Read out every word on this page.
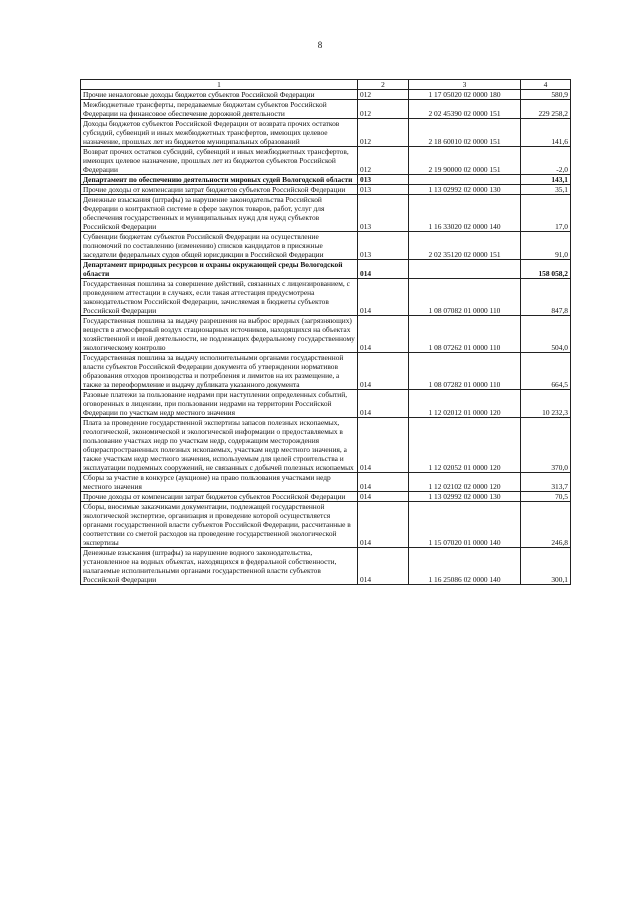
8
1	2	3	4
Прочие неналоговые доходы бюджетов субъектов Российской Федерации	012	1 17 05020 02 0000 180	580,9
Межбюджетные трансферты, передаваемые бюджетам субъектов Российской Федерации на финансовое обеспечение дорожной деятельности	012	2 02 45390 02 0000 151	229 258,2
Доходы бюджетов субъектов Российской Федерации от возврата прочих остатков субсидий, субвенций и иных межбюджетных трансфертов, имеющих целевое назначение, прошлых лет из бюджетов муниципальных образований	012	2 18 60010 02 0000 151	141,6
Возврат прочих остатков субсидий, субвенций и иных межбюджетных трансфертов, имеющих целевое назначение, прошлых лет из бюджетов субъектов Российской Федерации	012	2 19 90000 02 0000 151	-2,0
Департамент по обеспечению деятельности мировых судей Вологодской области	013		143,1
Прочие доходы от компенсации затрат бюджетов субъектов Российской Федерации	013	1 13 02992 02 0000 130	35,1
Денежные взыскания (штрафы) за нарушение законодательства Российской Федерации о контрактной системе в сфере закупок товаров, работ, услуг для обеспечения государственных и муниципальных нужд для нужд субъектов Российской Федерации	013	1 16 33020 02 0000 140	17,0
Субвенции бюджетам субъектов Российской Федерации на осуществление полномочий по составлению (изменению) списков кандидатов в присяжные заседатели федеральных судов общей юрисдикции в Российской Федерации	013	2 02 35120 02 0000 151	91,0
Департамент природных ресурсов и охраны окружающей среды Вологодской области	014		158 058,2
Государственная пошлина за совершение действий, связанных с лицензированием, с проведением аттестации в случаях, если такая аттестация предусмотрена законодательством Российской Федерации, зачисляемая в бюджеты субъектов Российской Федерации	014	1 08 07082 01 0000 110	847,8
Государственная пошлина за выдачу разрешения на выброс вредных (загрязняющих) веществ в атмосферный воздух стационарных источников, находящихся на объектах хозяйственной и иной деятельности, не подлежащих федеральному государственному экологическому контролю	014	1 08 07262 01 0000 110	504,0
Государственная пошлина за выдачу исполнительными органами государственной власти субъектов Российской Федерации документа об утверждении нормативов образования отходов производства и потребления и лимитов на их размещение, а также за переоформление и выдачу дубликата указанного документа	014	1 08 07282 01 0000 110	664,5
Разовые платежи за пользование недрами при наступлении определенных событий, оговоренных в лицензии, при пользовании недрами на территории Российской Федерации по участкам недр местного значения	014	1 12 02012 01 0000 120	10 232,3
Плата за проведение государственной экспертизы запасов полезных ископаемых, геологической, экономической и экологической информации о предоставляемых в пользование участках недр по участкам недр, содержащим месторождения общераспространенных полезных ископаемых, участкам недр местного значения, а также участкам недр местного значения, используемым для целей строительства и эксплуатации подземных сооружений, не связанных с добычей полезных ископаемых	014	1 12 02052 01 0000 120	370,0
Сборы за участие в конкурсе (аукционе) на право пользования участками недр местного значения	014	1 12 02102 02 0000 120	313,7
Прочие доходы от компенсации затрат бюджетов субъектов Российской Федерации	014	1 13 02992 02 0000 130	70,5
Сборы, вносимые заказчиками документации, подлежащей государственной экологической экспертизе, организация и проведение которой осуществляется органами государственной власти субъектов Российской Федерации, рассчитанные в соответствии со сметой расходов на проведение государственной экологической экспертизы	014	1 15 07020 01 0000 140	246,8
Денежные взыскания (штрафы) за нарушение водного законодательства, установленное на водных объектах, находящихся в федеральной собственности, налагаемые исполнительными органами государственной власти субъектов Российской Федерации	014	1 16 25086 02 0000 140	300,1
